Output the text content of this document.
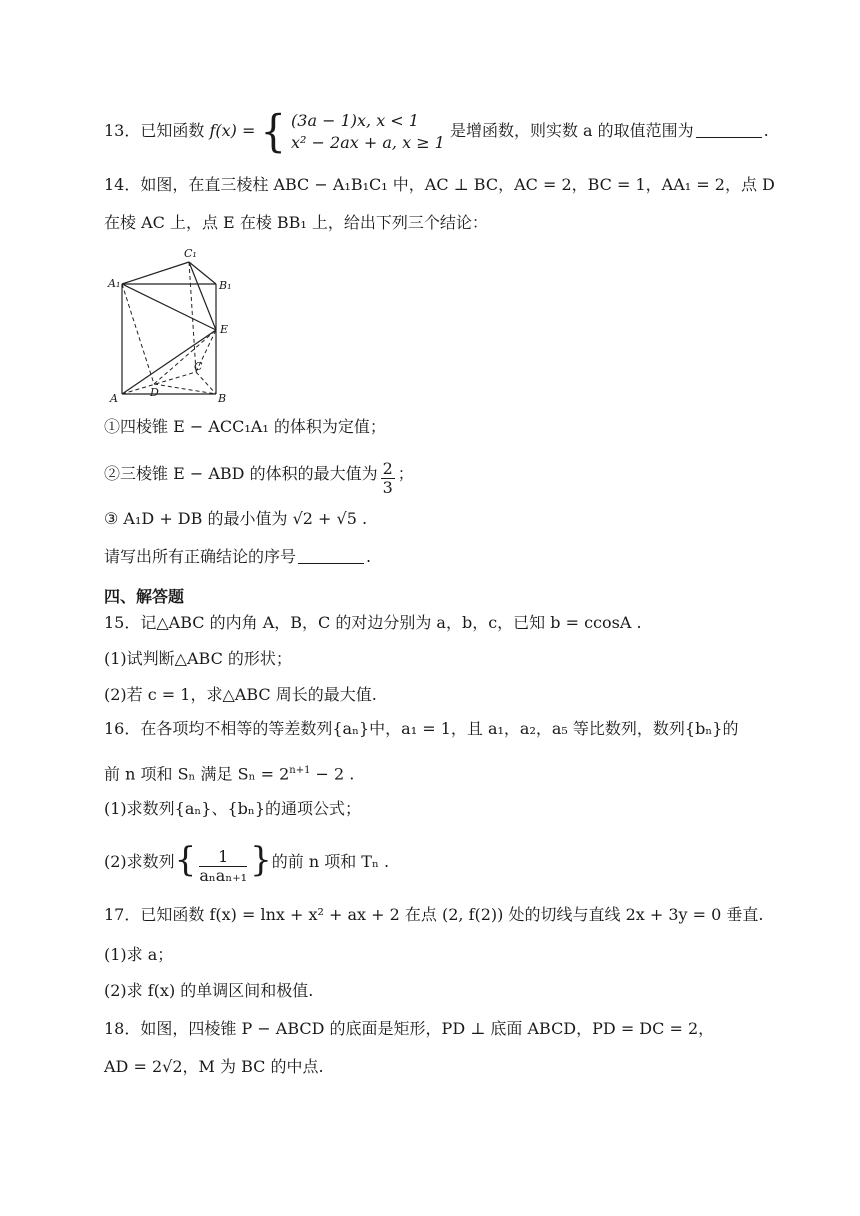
13．已知函数 f(x) = { (3a − 1)x, x < 1
x² − 2ax + a, x ≥ 1
是增函数，则实数 a 的取值范围为	.
14．如图，在直三棱柱 ABC − A₁B₁C₁ 中，AC ⊥ BC，AC = 2，BC = 1，AA₁ = 2，点 D
在棱 AC 上，点 E 在棱 BB₁ 上，给出下列三个结论：
A₁	B₁
C₁
A	B
C
D
E
①四棱锥 E − ACC₁A₁ 的体积为定值；
②三棱锥 E − ABD 的体积的最大值为 $\frac{2}{3}$ ；
③ A₁D + DB 的最小值为 √2 + √5 .
请写出所有正确结论的序号	.
四、解答题
15．记△ABC 的内角 A，B，C 的对边分别为 a，b，c，已知 b = ccosA .
(1)试判断△ABC 的形状；
(2)若 c = 1，求△ABC 周长的最大值.
16．在各项均不相等的等差数列{aₙ}中，a₁ = 1，且 a₁，a₂，a₅ 等比数列，数列{bₙ}的
前 n 项和 Sₙ 满足 $S_n = 2^{n+1} - 2$ .
(1)求数列{aₙ}、{bₙ}的通项公式；
(2)求数列{ $\frac{1}{\text{aₙaₙ₊₁}}$ }的前 n 项和 Tₙ .
17．已知函数 f(x) = lnx + x² + ax + 2 在点 (2, f(2)) 处的切线与直线 2x + 3y = 0 垂直.
(1)求 a；
(2)求 f(x) 的单调区间和极值.
18．如图，四棱锥 P − ABCD 的底面是矩形，PD ⊥ 底面 ABCD，PD = DC = 2，
AD = 2√2，M 为 BC 的中点.
